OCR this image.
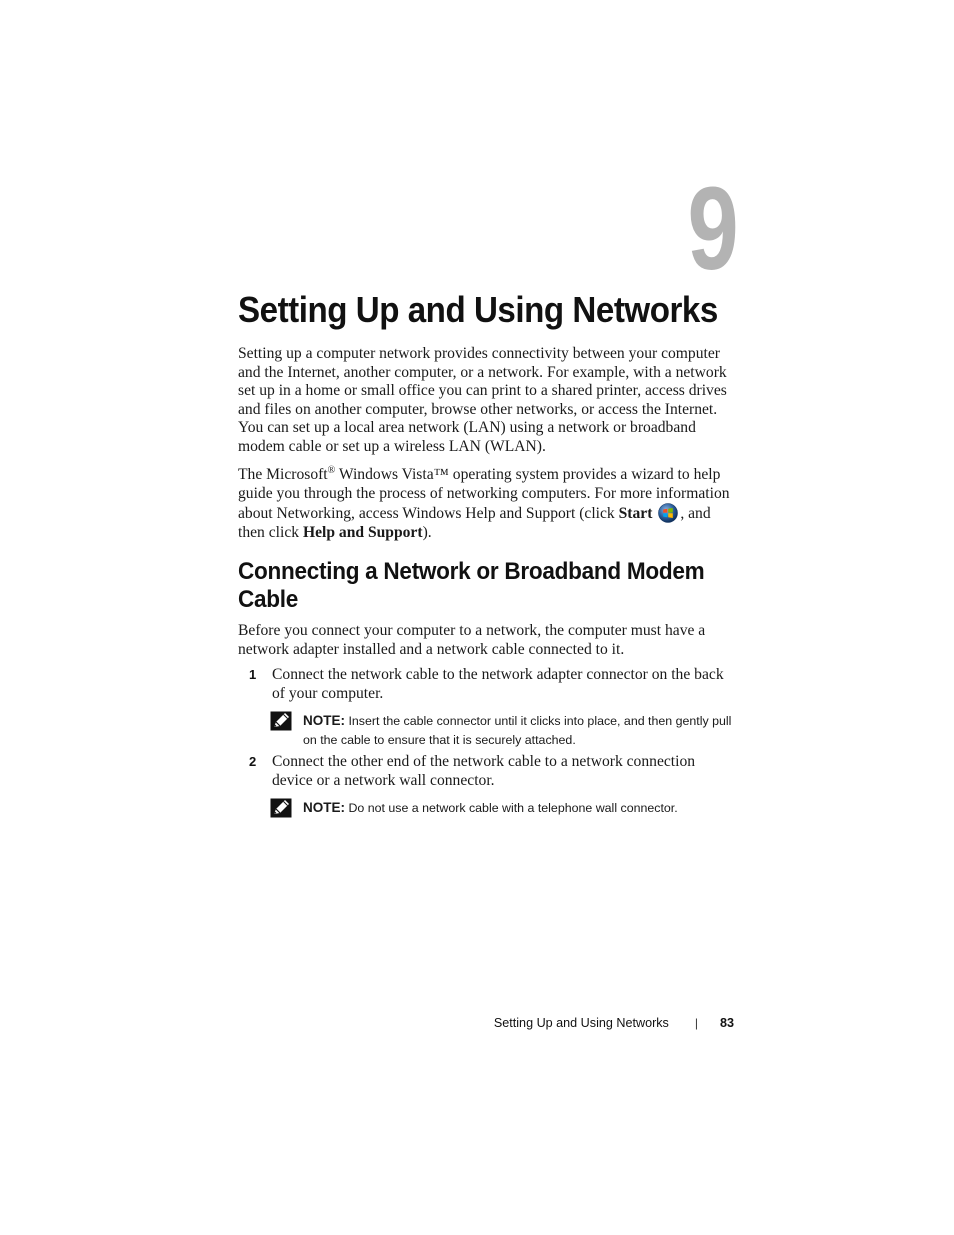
9
Setting Up and Using Networks

Setting up a computer network provides connectivity between your computer and the Internet, another computer, or a network. For example, with a network set up in a home or small office you can print to a shared printer, access drives and files on another computer, browse other networks, or access the Internet. You can set up a local area network (LAN) using a network or broadband modem cable or set up a wireless LAN (WLAN).

The Microsoft® Windows Vista™ operating system provides a wizard to help guide you through the process of networking computers. For more information about Networking, access Windows Help and Support (click Start , and then click Help and Support).

Connecting a Network or Broadband Modem Cable

Before you connect your computer to a network, the computer must have a network adapter installed and a network cable connected to it.

1 Connect the network cable to the network adapter connector on the back of your computer.

NOTE: Insert the cable connector until it clicks into place, and then gently pull on the cable to ensure that it is securely attached.

2 Connect the other end of the network cable to a network connection device or a network wall connector.

NOTE: Do not use a network cable with a telephone wall connector.

Setting Up and Using Networks | 83
